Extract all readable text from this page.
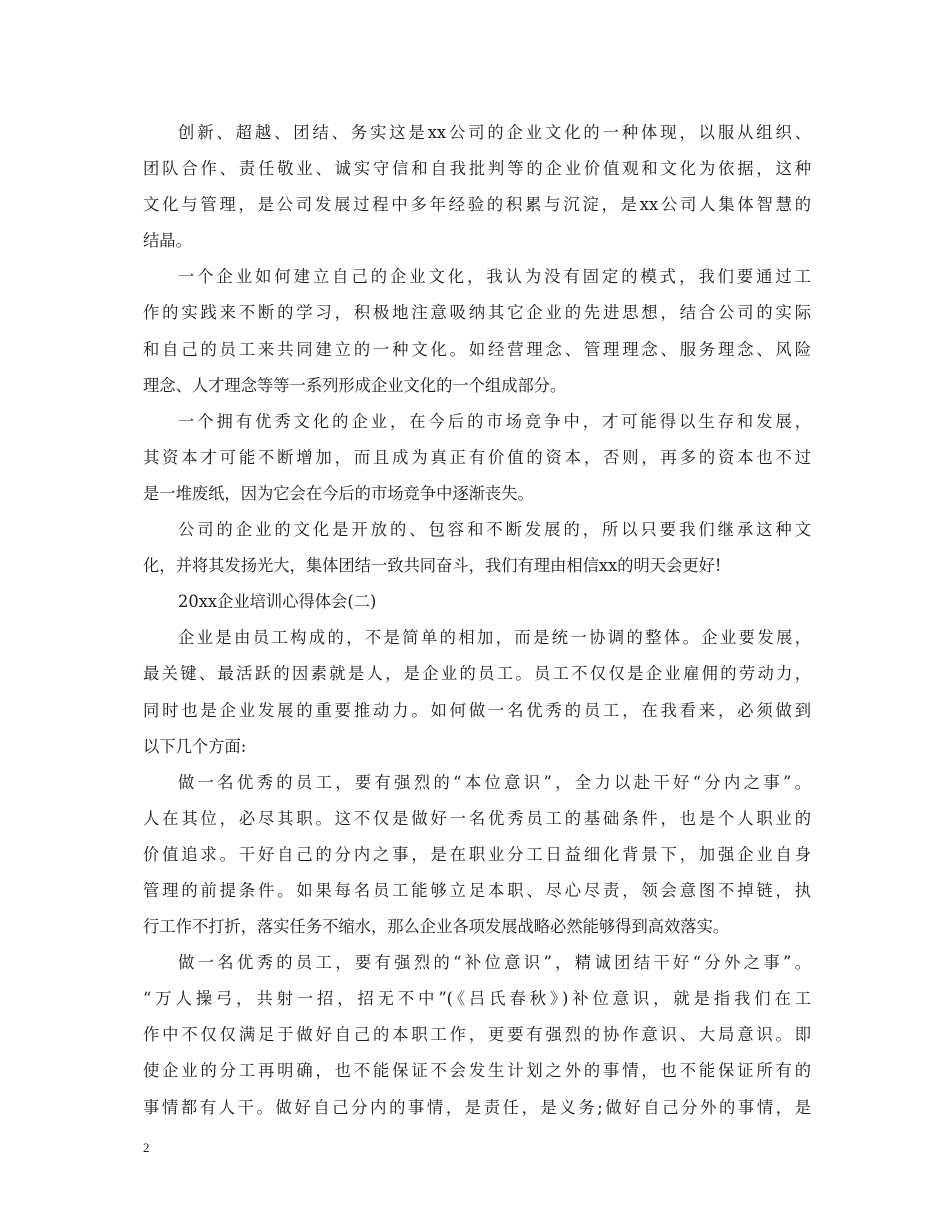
创新、超越、团结、务实这是xx公司的企业文化的一种体现，以服从组织、
团队合作、责任敬业、诚实守信和自我批判等的企业价值观和文化为依据，这种
文化与管理，是公司发展过程中多年经验的积累与沉淀，是xx公司人集体智慧的
结晶。
一个企业如何建立自己的企业文化，我认为没有固定的模式，我们要通过工
作的实践来不断的学习，积极地注意吸纳其它企业的先进思想，结合公司的实际
和自己的员工来共同建立的一种文化。如经营理念、管理理念、服务理念、风险
理念、人才理念等等一系列形成企业文化的一个组成部分。
一个拥有优秀文化的企业，在今后的市场竞争中，才可能得以生存和发展，
其资本才可能不断增加，而且成为真正有价值的资本，否则，再多的资本也不过
是一堆废纸，因为它会在今后的市场竞争中逐渐丧失。
公司的企业的文化是开放的、包容和不断发展的，所以只要我们继承这种文
化，并将其发扬光大，集体团结一致共同奋斗，我们有理由相信xx的明天会更好!
20xx企业培训心得体会(二)
企业是由员工构成的，不是简单的相加，而是统一协调的整体。企业要发展，
最关键、最活跃的因素就是人，是企业的员工。员工不仅仅是企业雇佣的劳动力，
同时也是企业发展的重要推动力。如何做一名优秀的员工，在我看来，必须做到
以下几个方面:
做一名优秀的员工，要有强烈的“本位意识”，全力以赴干好“分内之事”。
人在其位，必尽其职。这不仅是做好一名优秀员工的基础条件，也是个人职业的
价值追求。干好自己的分内之事，是在职业分工日益细化背景下，加强企业自身
管理的前提条件。如果每名员工能够立足本职、尽心尽责，领会意图不掉链，执
行工作不打折，落实任务不缩水，那么企业各项发展战略必然能够得到高效落实。
做一名优秀的员工，要有强烈的“补位意识”，精诚团结干好“分外之事”。
“万人操弓，共射一招，招无不中”(《吕氏春秋》)补位意识，就是指我们在工
作中不仅仅满足于做好自己的本职工作，更要有强烈的协作意识、大局意识。即
使企业的分工再明确，也不能保证不会发生计划之外的事情，也不能保证所有的
事情都有人干。做好自己分内的事情，是责任，是义务;做好自己分外的事情，是
2
